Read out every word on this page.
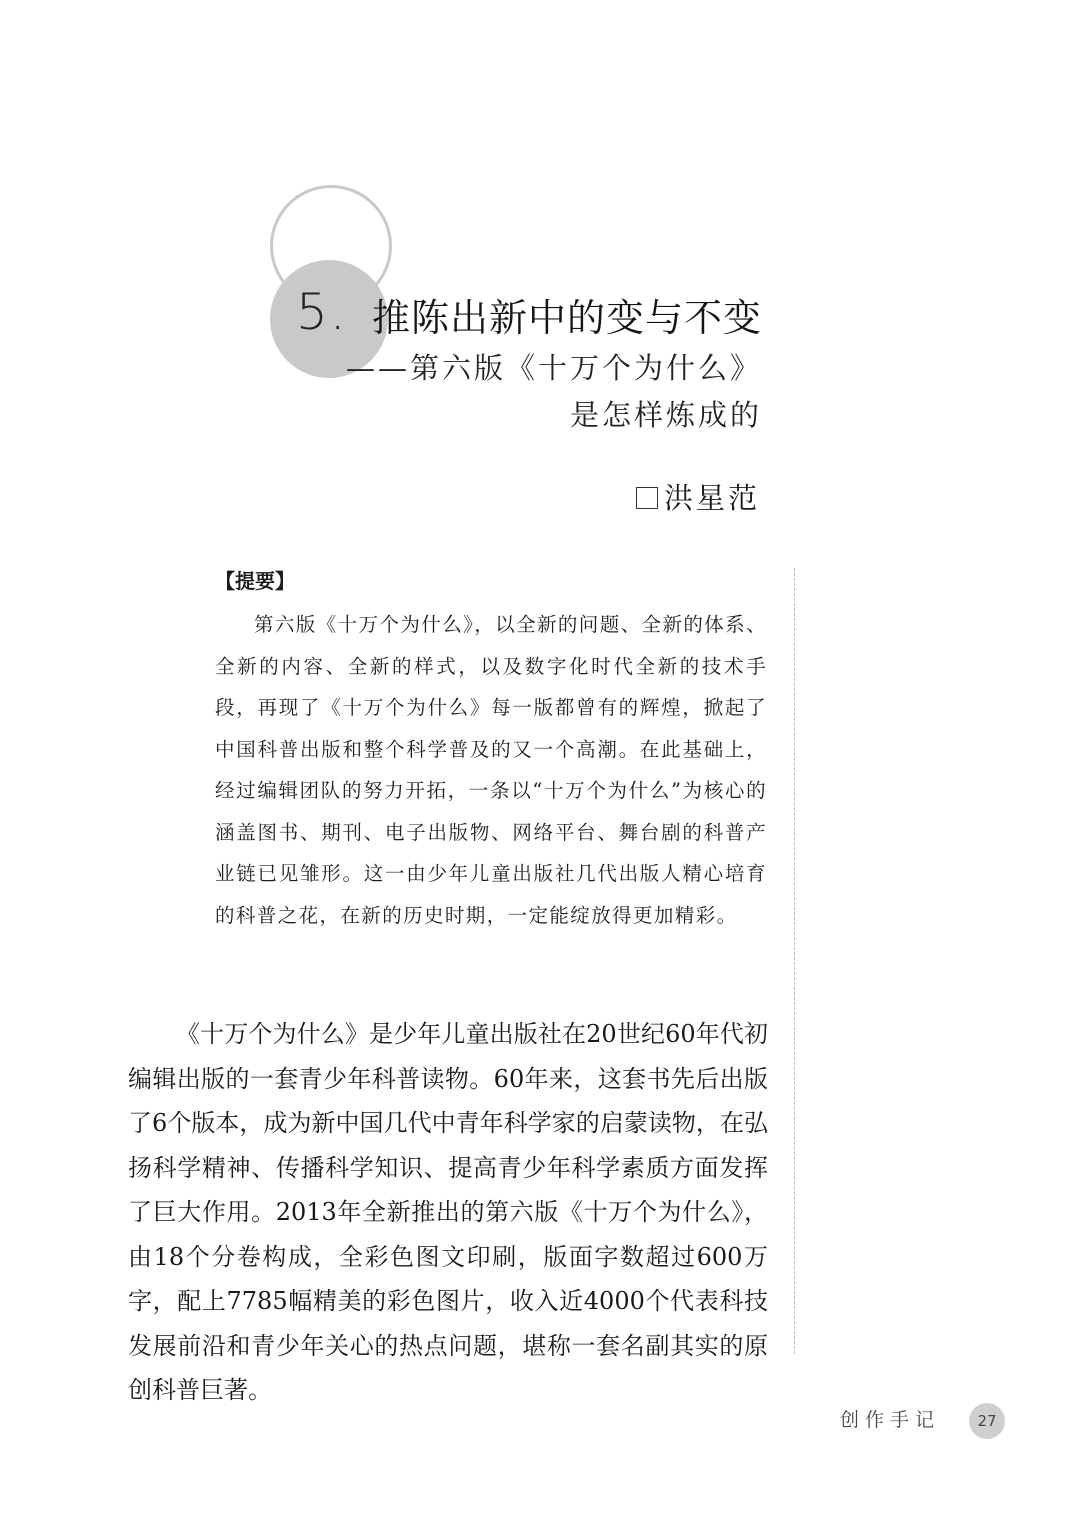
5. 推陈出新中的变与不变
——第六版《十万个为什么》
是怎样炼成的
洪星范
【提要】
第六版《十万个为什么》，以全新的问题、全新的体系、全新的内容、全新的样式，以及数字化时代全新的技术手段，再现了《十万个为什么》每一版都曾有的辉煌，掀起了中国科普出版和整个科学普及的又一个高潮。在此基础上，经过编辑团队的努力开拓，一条以“十万个为什么”为核心的涵盖图书、期刊、电子出版物、网络平台、舞台剧的科普产业链已见雏形。这一由少年儿童出版社几代出版人精心培育的科普之花，在新的历史时期，一定能绽放得更加精彩。
《十万个为什么》是少年儿童出版社在20世纪60年代初编辑出版的一套青少年科普读物。60年来，这套书先后出版了6个版本，成为新中国几代中青年科学家的启蒙读物，在弘扬科学精神、传播科学知识、提高青少年科学素质方面发挥了巨大作用。2013年全新推出的第六版《十万个为什么》，由18个分卷构成，全彩色图文印刷，版面字数超过600万字，配上7785幅精美的彩色图片，收入近4000个代表科技发展前沿和青少年关心的热点问题，堪称一套名副其实的原创科普巨著。
创作手记 27
